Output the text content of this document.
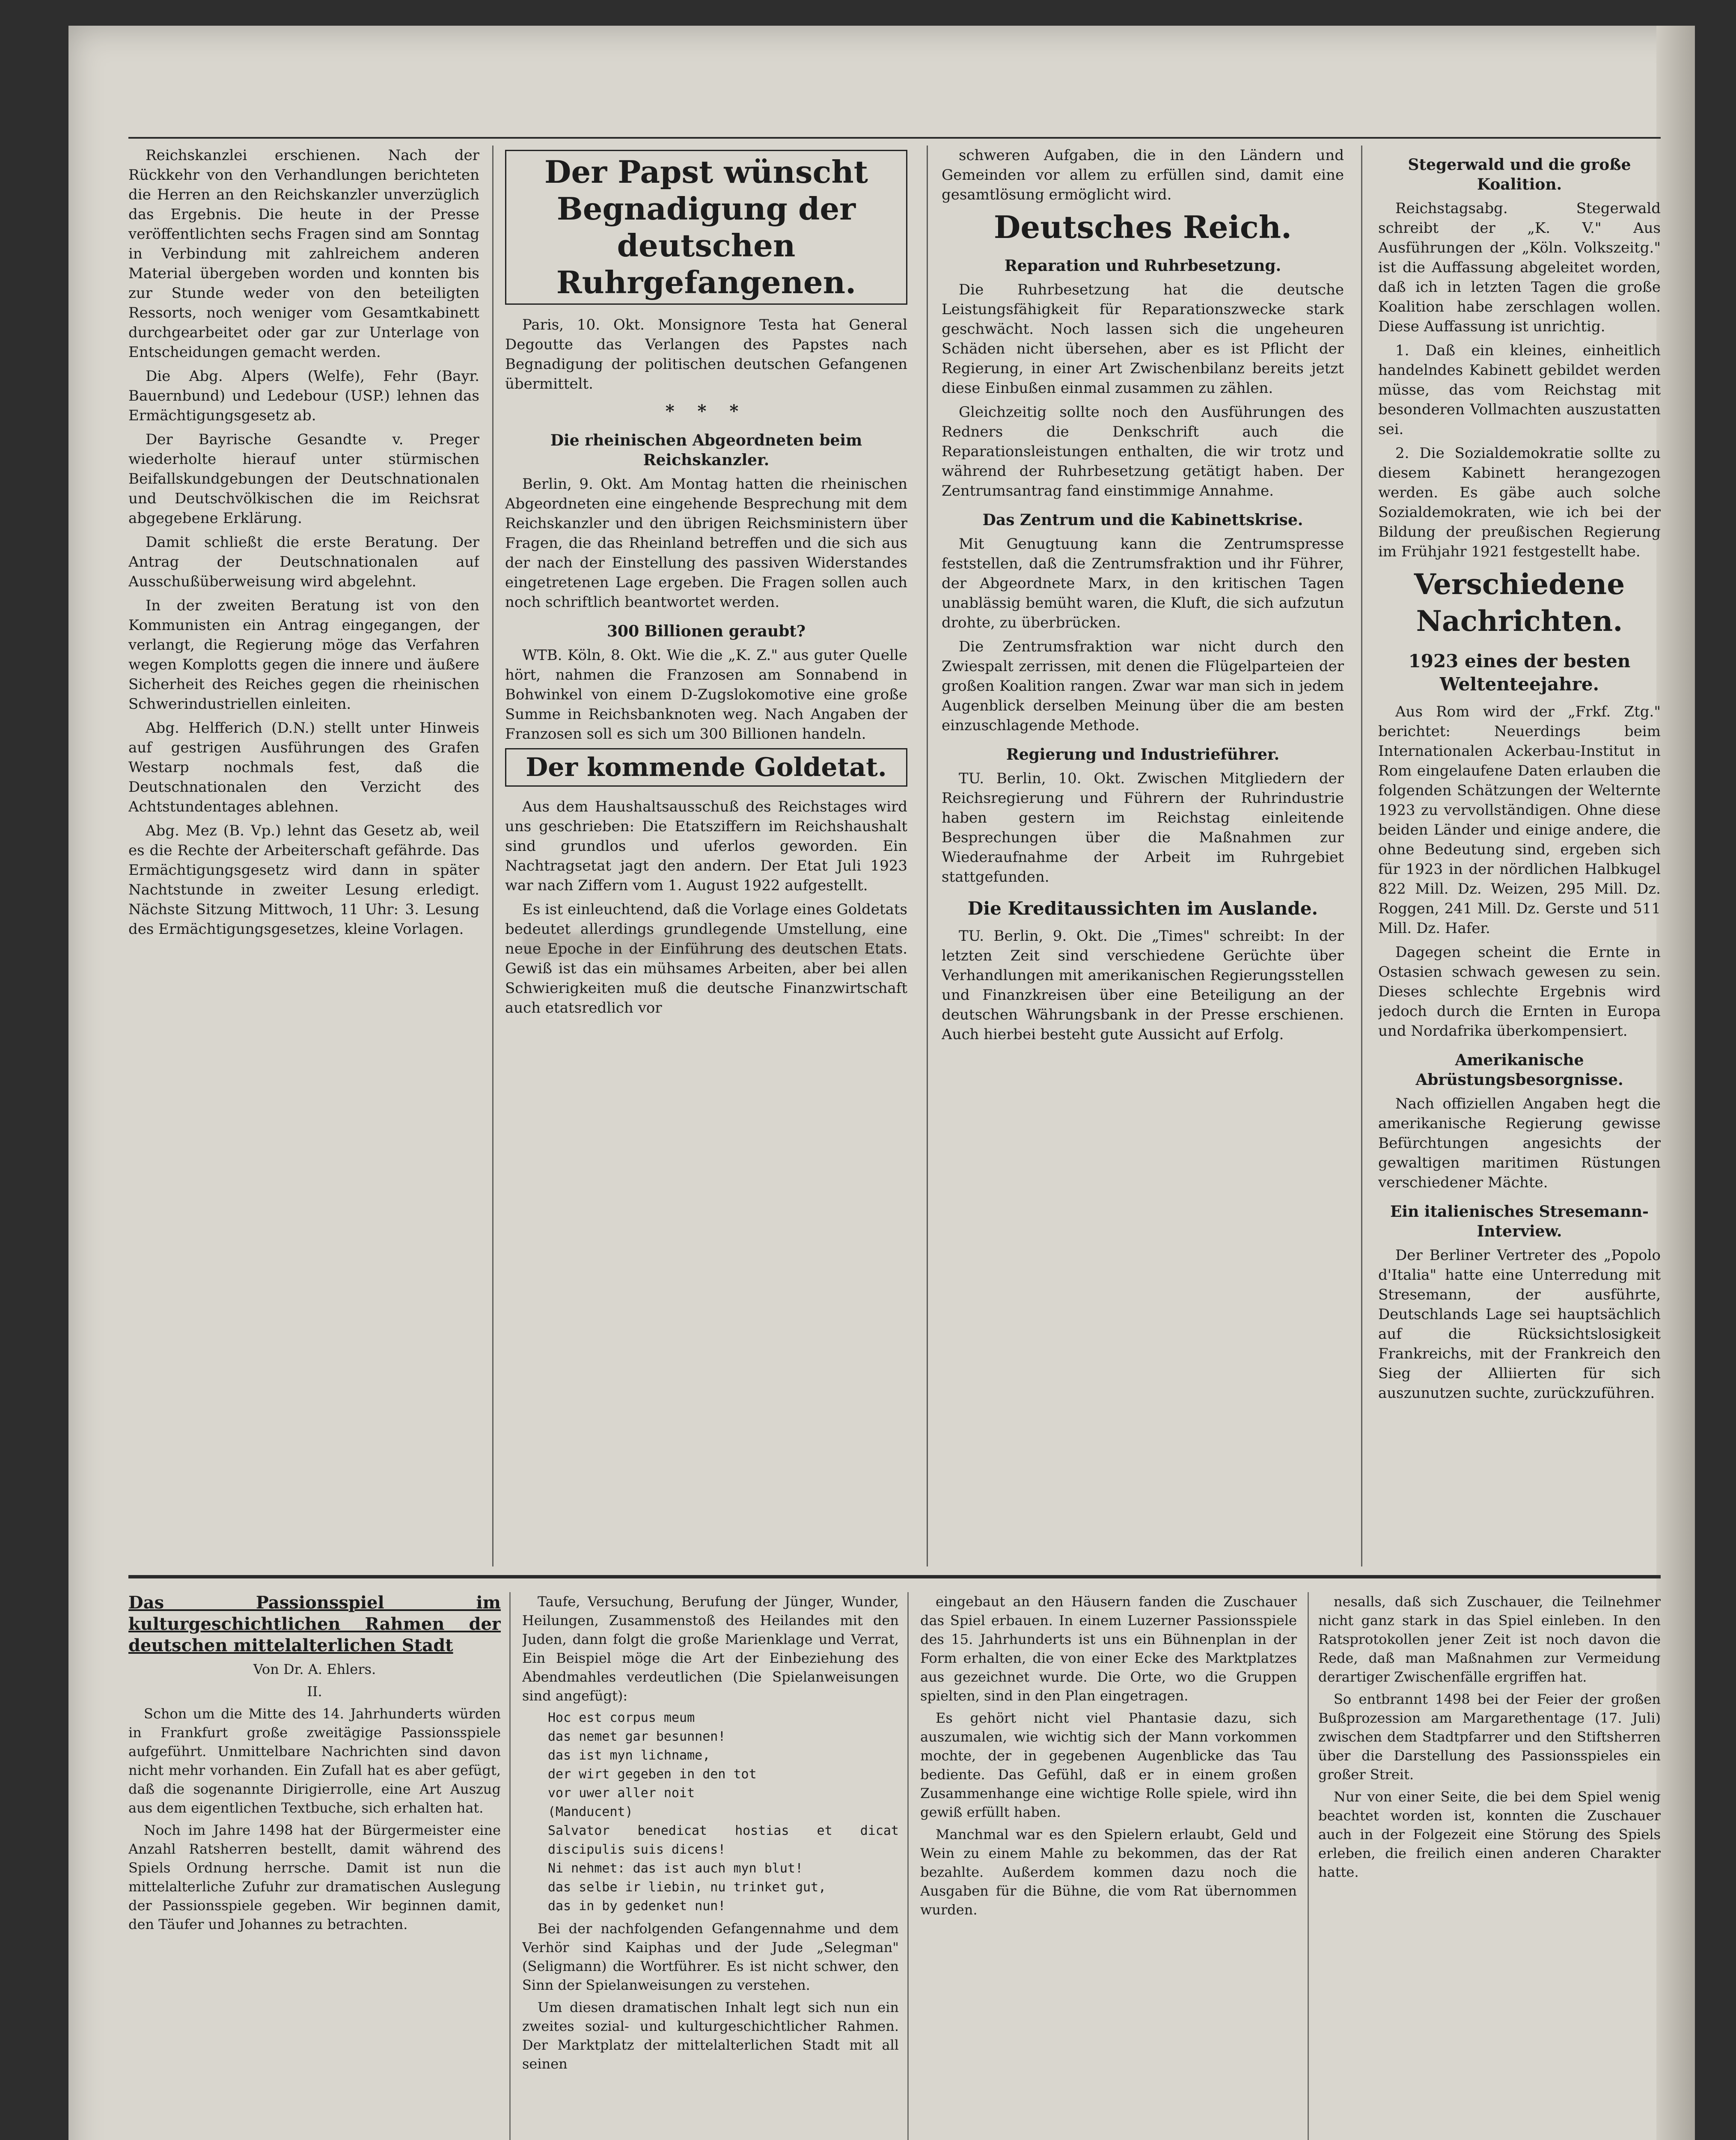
Reichskanzlei erschienen. Nach der Rückkehr von den Verhandlungen berichteten die Herren an den Reichskanzler unverzüglich das Ergebnis. Die heute in der Presse veröffentlichten sechs Fragen sind am Sonntag in Verbindung mit zahlreichem anderen Material übergeben worden und konnten bis zur Stunde weder von den beteiligten Ressorts, noch weniger vom Gesamtkabinett durchgearbeitet oder gar zur Unterlage von Entscheidungen gemacht werden.

Die Abg. Alpers (Welfe), Fehr (Bayr. Bauernbund) und Ledebour (USP.) lehnen das Ermächtigungsgesetz ab.

Der Bayrische Gesandte v. Preger wiederholte hierauf unter stürmischen Beifallskundgebungen der Deutschnationalen und Deutschvölkischen die im Reichsrat abgegebene Erklärung.

Damit schließt die erste Beratung. Der Antrag der Deutschnationalen auf Ausschußüberweisung wird abgelehnt.

In der zweiten Beratung ist von den Kommunisten ein Antrag eingegangen, der verlangt, die Regierung möge das Verfahren wegen Komplotts gegen die innere und äußere Sicherheit des Reiches gegen die rheinischen Schwerindustriellen einleiten.

Abg. Helfferich (D.N.) stellt unter Hinweis auf gestrigen Ausführungen des Grafen Westarp nochmals fest, daß die Deutschnationalen den Verzicht des Achtstundentages ablehnen.

Abg. Mez (B. Vp.) lehnt das Gesetz ab, weil es die Rechte der Arbeiterschaft gefährde. Das Ermächtigungsgesetz wird dann in später Nachtstunde in zweiter Lesung erledigt. Nächste Sitzung Mittwoch, 11 Uhr: 3. Lesung des Ermächtigungsgesetzes, kleine Vorlagen.

Der Papst wünscht Begnadigung der deutschen Ruhrgefangenen.

Paris, 10. Okt. Monsignore Testa hat General Degoutte das Verlangen des Papstes nach Begnadigung der politischen deutschen Gefangenen übermittelt.

* * *
Die rheinischen Abgeordneten beim Reichskanzler.

Berlin, 9. Okt. Am Montag hatten die rheinischen Abgeordneten eine eingehende Besprechung mit dem Reichskanzler und den übrigen Reichsministern über Fragen, die das Rheinland betreffen und die sich aus der nach der Einstellung des passiven Widerstandes eingetretenen Lage ergeben. Die Fragen sollen auch noch schriftlich beantwortet werden.

300 Billionen geraubt?

WTB. Köln, 8. Okt. Wie die „K. Z." aus guter Quelle hört, nahmen die Franzosen am Sonnabend in Bohwinkel von einem D-Zugslokomotive eine große Summe in Reichsbanknoten weg. Nach Angaben der Franzosen soll es sich um 300 Billionen handeln.

Der kommende Goldetat.

Aus dem Haushaltsausschuß des Reichstages wird uns geschrieben: Die Etatsziffern im Reichshaushalt sind grundlos und uferlos geworden. Ein Nachtragsetat jagt den andern. Der Etat Juli 1923 war nach Ziffern vom 1. August 1922 aufgestellt.

Es ist einleuchtend, daß die Vorlage eines Goldetats bedeutet allerdings grundlegende Umstellung, eine neue Epoche in der Einführung des deutschen Etats. Gewiß ist das ein mühsames Arbeiten, aber bei allen Schwierigkeiten muß die deutsche Finanzwirtschaft auch etatsredlich vor

schweren Aufgaben, die in den Ländern und Gemeinden vor allem zu erfüllen sind, damit eine gesamtlösung ermöglicht wird.

Deutsches Reich.
Reparation und Ruhrbesetzung.

Die Ruhrbesetzung hat die deutsche Leistungsfähigkeit für Reparationszwecke stark geschwächt. Noch lassen sich die ungeheuren Schäden nicht übersehen, aber es ist Pflicht der Regierung, in einer Art Zwischenbilanz bereits jetzt diese Einbußen einmal zusammen zu zählen.

Gleichzeitig sollte noch den Ausführungen des Redners die Denkschrift auch die Reparationsleistungen enthalten, die wir trotz und während der Ruhrbesetzung getätigt haben. Der Zentrumsantrag fand einstimmige Annahme.

Das Zentrum und die Kabinettskrise.

Mit Genugtuung kann die Zentrumspresse feststellen, daß die Zentrumsfraktion und ihr Führer, der Abgeordnete Marx, in den kritischen Tagen unablässig bemüht waren, die Kluft, die sich aufzutun drohte, zu überbrücken.

Die Zentrumsfraktion war nicht durch den Zwiespalt zerrissen, mit denen die Flügelparteien der großen Koalition rangen. Zwar war man sich in jedem Augenblick derselben Meinung über die am besten einzuschlagende Methode.

Regierung und Industrieführer.

TU. Berlin, 10. Okt. Zwischen Mitgliedern der Reichsregierung und Führern der Ruhrindustrie haben gestern im Reichstag einleitende Besprechungen über die Maßnahmen zur Wiederaufnahme der Arbeit im Ruhrgebiet stattgefunden.

Die Kreditaussichten im Auslande.

TU. Berlin, 9. Okt. Die „Times" schreibt: In der letzten Zeit sind verschiedene Gerüchte über Verhandlungen mit amerikanischen Regierungsstellen und Finanzkreisen über eine Beteiligung an der deutschen Währungsbank in der Presse erschienen. Auch hierbei besteht gute Aussicht auf Erfolg.

Stegerwald und die große Koalition.

Reichstagsabg. Stegerwald schreibt der „K. V." Aus Ausführungen der „Köln. Volkszeitg." ist die Auffassung abgeleitet worden, daß ich in letzten Tagen die große Koalition habe zerschlagen wollen. Diese Auffassung ist unrichtig.

1. Daß ein kleines, einheitlich handelndes Kabinett gebildet werden müsse, das vom Reichstag mit besonderen Vollmachten auszustatten sei.

2. Die Sozialdemokratie sollte zu diesem Kabinett herangezogen werden. Es gäbe auch solche Sozialdemokraten, wie ich bei der Bildung der preußischen Regierung im Frühjahr 1921 festgestellt habe.

Verschiedene Nachrichten.
1923 eines der besten Weltenteejahre.

Aus Rom wird der „Frkf. Ztg." berichtet: Neuerdings beim Internationalen Ackerbau-Institut in Rom eingelaufene Daten erlauben die folgenden Schätzungen der Welternte 1923 zu vervollständigen. Ohne diese beiden Länder und einige andere, die ohne Bedeutung sind, ergeben sich für 1923 in der nördlichen Halbkugel 822 Mill. Dz. Weizen, 295 Mill. Dz. Roggen, 241 Mill. Dz. Gerste und 511 Mill. Dz. Hafer.

Dagegen scheint die Ernte in Ostasien schwach gewesen zu sein. Dieses schlechte Ergebnis wird jedoch durch die Ernten in Europa und Nordafrika überkompensiert.

Amerikanische Abrüstungsbesorgnisse.

Nach offiziellen Angaben hegt die amerikanische Regierung gewisse Befürchtungen angesichts der gewaltigen maritimen Rüstungen verschiedener Mächte.

Ein italienisches Stresemann-Interview.

Der Berliner Vertreter des „Popolo d'Italia" hatte eine Unterredung mit Stresemann, der ausführte, Deutschlands Lage sei hauptsächlich auf die Rücksichtslosigkeit Frankreichs, mit der Frankreich den Sieg der Alliierten für sich auszunutzen suchte, zurückzuführen.

Das Passionsspiel im kulturgeschichtlichen Rahmen der deutschen mittelalterlichen Stadt
Von Dr. A. Ehlers.
II.

Schon um die Mitte des 14. Jahrhunderts würden in Frankfurt große zweitägige Passionsspiele aufgeführt. Unmittelbare Nachrichten sind davon nicht mehr vorhanden. Ein Zufall hat es aber gefügt, daß die sogenannte Dirigierrolle, eine Art Auszug aus dem eigentlichen Textbuche, sich erhalten hat.

Noch im Jahre 1498 hat der Bürgermeister eine Anzahl Ratsherren bestellt, damit während des Spiels Ordnung herrsche. Damit ist nun die mittelalterliche Zufuhr zur dramatischen Auslegung der Passionsspiele gegeben. Wir beginnen damit, den Täufer und Johannes zu betrachten.

Taufe, Versuchung, Berufung der Jünger, Wunder, Heilungen, Zusammenstoß des Heilandes mit den Juden, dann folgt die große Marienklage und Verrat, Ein Beispiel möge die Art der Einbeziehung des Abendmahles verdeutlichen (Die Spielanweisungen sind angefügt):

Hoc est corpus meum
das nemet gar besunnen!
das ist myn lichname,
der wirt gegeben in den tot
vor uwer aller noit
(Manducent)
Salvator benedicat hostias et dicat discipulis suis dicens!
Ni nehmet: das ist auch myn blut!
das selbe ir liebin, nu trinket gut,
das in by gedenket nun!

Bei der nachfolgenden Gefangennahme und dem Verhör sind Kaiphas und der Jude „Selegman" (Seligmann) die Wortführer. Es ist nicht schwer, den Sinn der Spielanweisungen zu verstehen.

Um diesen dramatischen Inhalt legt sich nun ein zweites sozial- und kulturgeschichtlicher Rahmen. Der Marktplatz der mittelalterlichen Stadt mit all seinen

eingebaut an den Häusern fanden die Zuschauer das Spiel erbauen. In einem Luzerner Passionsspiele des 15. Jahrhunderts ist uns ein Bühnenplan in der Form erhalten, die von einer Ecke des Marktplatzes aus gezeichnet wurde. Die Orte, wo die Gruppen spielten, sind in den Plan eingetragen.

Es gehört nicht viel Phantasie dazu, sich auszumalen, wie wichtig sich der Mann vorkommen mochte, der in gegebenen Augenblicke das Tau bediente. Das Gefühl, daß er in einem großen Zusammenhange eine wichtige Rolle spiele, wird ihn gewiß erfüllt haben.

Manchmal war es den Spielern erlaubt, Geld und Wein zu einem Mahle zu bekommen, das der Rat bezahlte. Außerdem kommen dazu noch die Ausgaben für die Bühne, die vom Rat übernommen wurden.

nesalls, daß sich Zuschauer, die Teilnehmer nicht ganz stark in das Spiel einleben. In den Ratsprotokollen jener Zeit ist noch davon die Rede, daß man Maßnahmen zur Vermeidung derartiger Zwischenfälle ergriffen hat.

So entbrannt 1498 bei der Feier der großen Bußprozession am Margarethentage (17. Juli) zwischen dem Stadtpfarrer und den Stiftsherren über die Darstellung des Passionsspieles ein großer Streit.

Nur von einer Seite, die bei dem Spiel wenig beachtet worden ist, konnten die Zuschauer auch in der Folgezeit eine Störung des Spiels erleben, die freilich einen anderen Charakter hatte.
